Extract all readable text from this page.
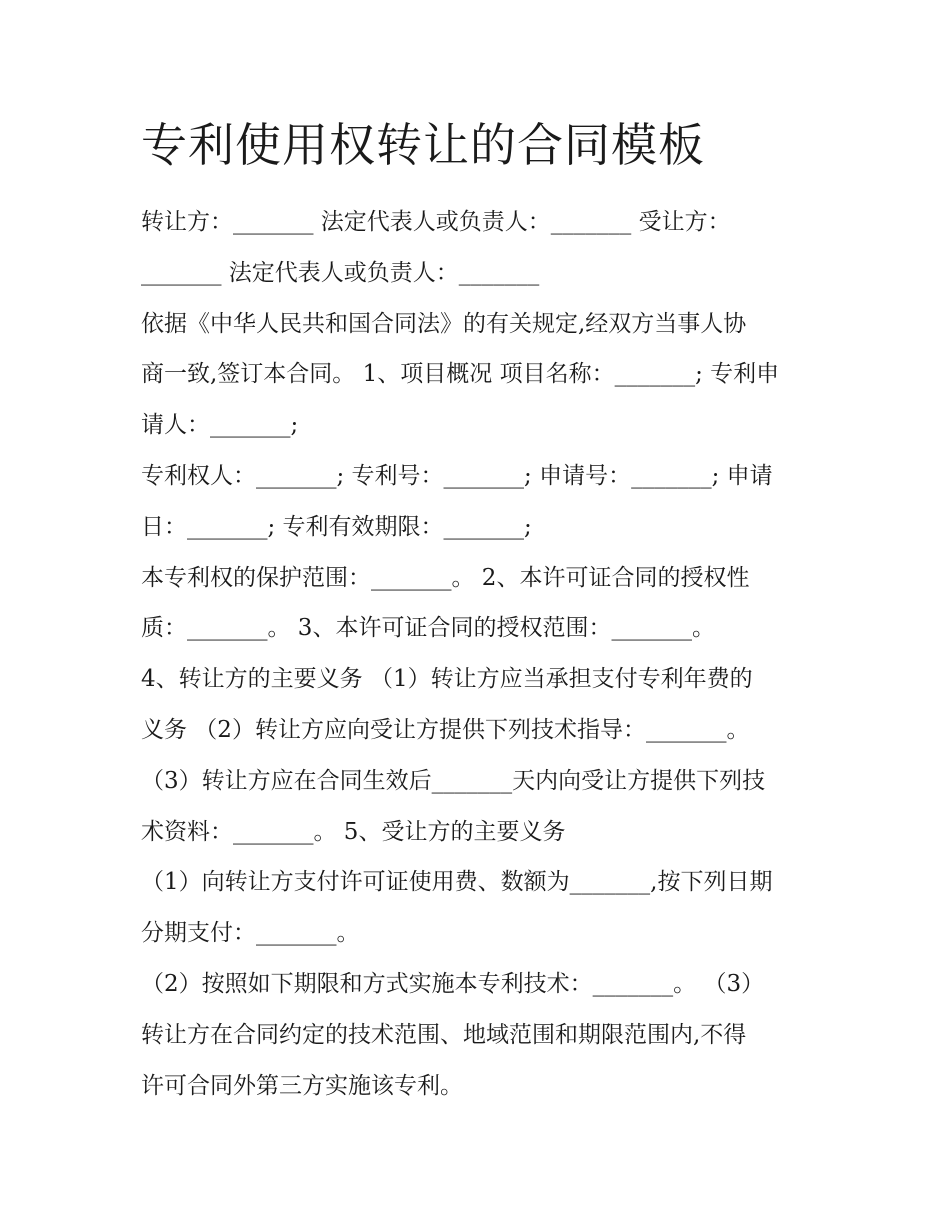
专利使用权转让的合同模板
转让方：_______ 法定代表人或负责人：_______ 受让方：
_______ 法定代表人或负责人：_______
依据《中华人民共和国合同法》的有关规定,经双方当事人协
商一致,签订本合同。 1、项目概况 项目名称：_______; 专利申
请人：_______;
专利权人：_______; 专利号：_______; 申请号：_______; 申请
日：_______; 专利有效期限：_______;
本专利权的保护范围：_______。 2、本许可证合同的授权性
质：_______。 3、本许可证合同的授权范围：_______。
4、转让方的主要义务 （1）转让方应当承担支付专利年费的
义务 （2）转让方应向受让方提供下列技术指导：_______。
（3）转让方应在合同生效后_______天内向受让方提供下列技
术资料：_______。 5、受让方的主要义务
（1）向转让方支付许可证使用费、数额为_______,按下列日期
分期支付：_______。
（2）按照如下期限和方式实施本专利技术：_______。 （3）
转让方在合同约定的技术范围、地域范围和期限范围内,不得
许可合同外第三方实施该专利。
